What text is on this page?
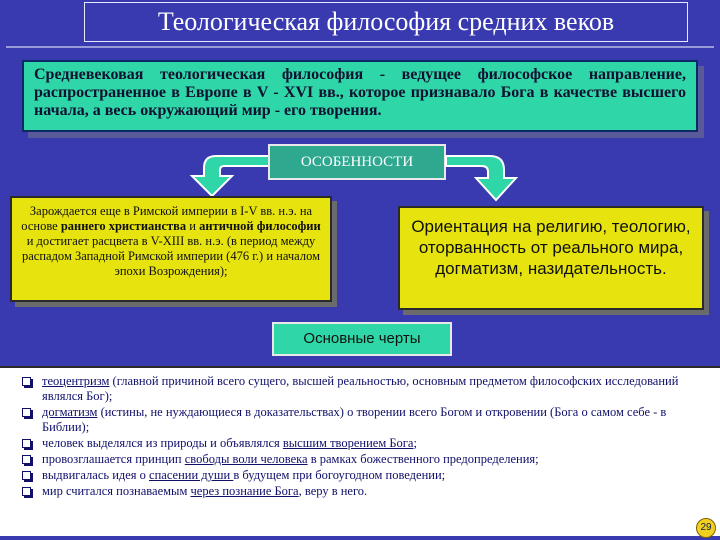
Теологическая философия средних веков
Средневековая теологическая философия - ведущее философское направление, распространенное в Европе в V - XVI вв., которое признавало Бога в качестве высшего начала, а весь окружающий мир - его творения.
ОСОБЕННОСТИ
Зарождается еще в Римской империи в I-V вв. н.э. на основе раннего христианства и античной философии и достигает расцвета в V-XIII вв. н.э. (в период между распадом Западной Римской империи (476 г.) и началом эпохи Возрождения);
Ориентация на религию, теологию, оторванность от реального мира, догматизм, назидательность.
Основные черты
теоцентризм (главной причиной всего сущего, высшей реальностью, основным предметом философских исследований являлся Бог);
догматизм (истины, не нуждающиеся в доказательствах) о творении всего Богом и откровении (Бога о самом себе - в Библии);
человек выделялся из природы и объявлялся высшим творением Бога;
провозглашается принцип свободы воли человека в рамках божественного предопределения;
выдвигалась идея о спасении души в будущем при богоугодном поведении;
мир считался познаваемым через познание Бога, веру в него.
29
